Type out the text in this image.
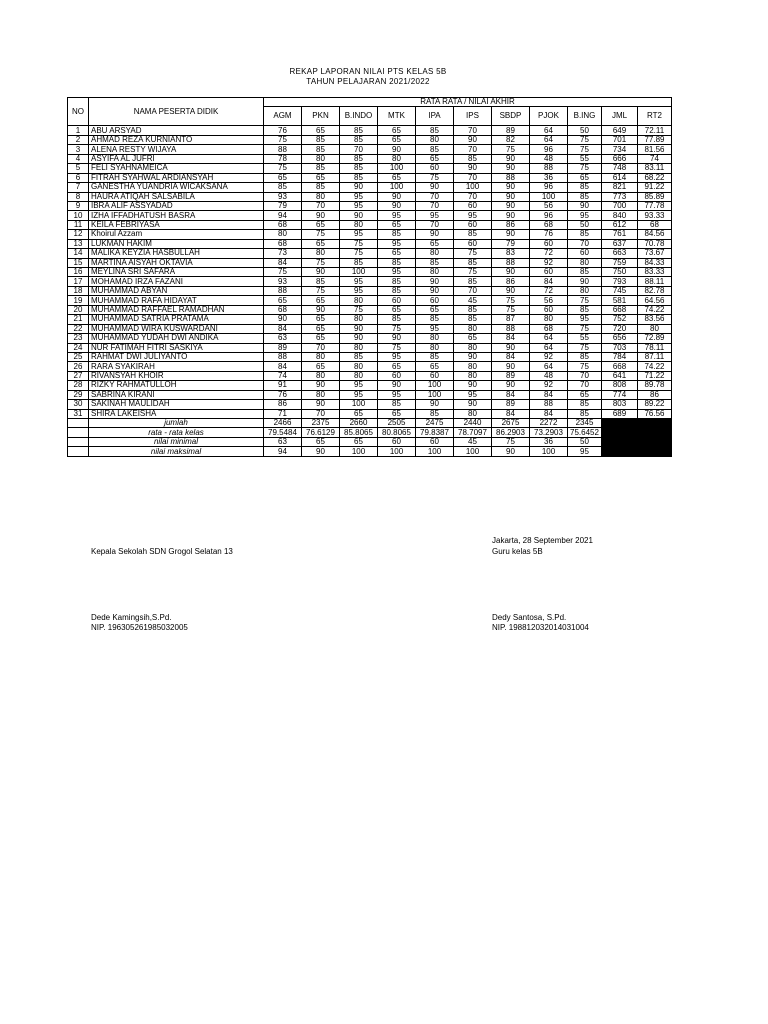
REKAP LAPORAN NILAI PTS KELAS 5B
TAHUN PELAJARAN 2021/2022
NO	NAMA PESERTA DIDIK	RATA RATA / NILAI AKHIR										
		AGM	PKN	B.INDO	MTK	IPA	IPS	SBDP	PJOK	B.ING	JML	RT2
1	ABU ARSYAD	76	65	85	65	85	70	89	64	50	649	72.11
2	AHMAD REZA KURNIANTO	75	85	85	65	80	90	82	64	75	701	77.89
3	ALENA RESTY WIJAYA	88	85	70	90	85	70	75	96	75	734	81.56
4	ASYIFA AL JUFRI	78	80	85	80	65	85	90	48	55	666	74
5	FELI SYAHNAMEICA	75	85	85	100	60	90	90	88	75	748	83.11
6	FITRAH SYAHWAL ARDIANSYAH	65	65	85	65	75	70	88	36	65	614	68.22
7	GANESTHA YUANDRIA WICAKSANA	85	85	90	100	90	100	90	96	85	821	91.22
8	HAURA ATIQAH SALSABILA	93	80	95	90	70	70	90	100	85	773	85.89
9	IBRA ALIF ASSYADAD	79	70	95	90	70	60	90	56	90	700	77.78
10	IZHA IFFADHATUSH BASRA	94	90	90	95	95	95	90	96	95	840	93.33
11	KEILA FEBRIYASA	68	65	80	65	70	60	86	68	50	612	68
12	Khoirul Azzam	80	75	95	85	90	85	90	76	85	761	84.56
13	LUKMAN HAKIM	68	65	75	95	65	60	79	60	70	637	70.78
14	MALIKA KEYZIA HASBULLAH	73	80	75	65	80	75	83	72	60	663	73.67
15	MARTINA AISYAH OKTAVIA	84	75	85	85	85	85	88	92	80	759	84.33
16	MEYLINA SRI SAFARA	75	90	100	95	80	75	90	60	85	750	83.33
17	MOHAMAD IRZA FAZANI	93	85	95	85	90	85	86	84	90	793	88.11
18	MUHAMMAD ABYAN	88	75	95	85	90	70	90	72	80	745	82.78
19	MUHAMMAD RAFA HIDAYAT	65	65	80	60	60	45	75	56	75	581	64.56
20	MUHAMMAD RAFFAEL RAMADHAN	68	90	75	65	65	85	75	60	85	668	74.22
21	MUHAMMAD SATRIA PRATAMA	90	65	80	85	85	85	87	80	95	752	83.56
22	MUHAMMAD WIRA KUSWARDANI	84	65	90	75	95	80	88	68	75	720	80
23	MUHAMMAD YUDAH DWI ANDIKA	63	65	90	90	80	65	84	64	55	656	72.89
24	NUR FATIMAH FITRI SASKIYA	89	70	80	75	80	80	90	64	75	703	78.11
25	RAHMAT DWI JULIYANTO	88	80	85	95	85	90	84	92	85	784	87.11
26	RARA SYAKIRAH	84	65	80	65	65	80	90	64	75	668	74.22
27	RIVANSYAH KHOIR	74	80	80	60	60	80	89	48	70	641	71.22
28	RIZKY RAHMATULLOH	91	90	95	90	100	90	90	92	70	808	89.78
29	SABRINA KIRANI	76	80	95	95	100	95	84	84	65	774	86
30	SAKINAH MAULIDAH	86	90	100	85	90	90	89	88	85	803	89.22
31	SHIRA LAKEISHA	71	70	65	65	85	80	84	84	85	689	76.56
	jumlah	2466	2375	2660	2505	2475	2440	2675	2272	2345		
	rata - rata kelas	79.5484	76.6129	85.8065	80.8065	79.8387	78.7097	86.2903	73.2903	75.6452		
	nilai minimal	63	65	65	60	60	45	75	36	50		
	nilai maksimal	94	90	100	100	100	100	90	100	95		
Jakarta, 28 September 2021
Kepala Sekolah SDN Grogol Selatan 13	Guru kelas 5B
Dede Kamingsih,S.Pd.
NIP. 196305261985032005
Dedy Santosa, S.Pd.
NIP. 198812032014031004
